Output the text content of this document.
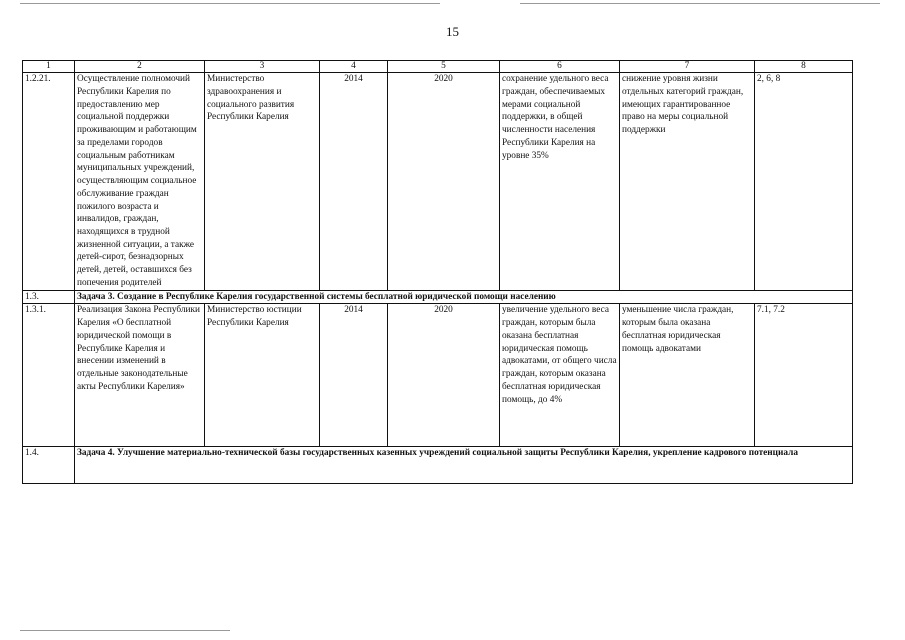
15
1	2	3	4	5	6	7	8
1.2.21.	Осуществление полномочий Республики Карелия по предоставлению мер социальной поддержки проживающим и работающим за пределами городов социальным работникам муниципальных учреждений, осуществляющим социальное обслуживание граждан пожилого возраста и инвалидов, граждан, находящихся в трудной жизненной ситуации, а также детей-сирот, безнадзорных детей, детей, оставшихся без попечения родителей	Министерство здравоохранения и социального развития Республики Карелия	2014	2020	сохранение удельного веса граждан, обеспечиваемых мерами социальной поддержки, в общей численности населения Республики Карелия на уровне 35%	снижение уровня жизни отдельных категорий граждан, имеющих гарантированное право на меры социальной поддержки	2, 6, 8
1.3.	Задача 3. Создание в Республике Карелия государственной системы бесплатной юридической помощи населению						
1.3.1.	Реализация Закона Республики Карелия «О бесплатной юридической помощи в Республике Карелия и внесении изменений в отдельные законодательные акты Республики Карелия»	Министерство юстиции Республики Карелия	2014	2020	увеличение удельного веса граждан, которым была оказана бесплатная юридическая помощь адвокатами, от общего числа граждан, которым оказана бесплатная юридическая помощь, до 4%	уменьшение числа граждан, которым была оказана бесплатная юридическая помощь адвокатами	7.1, 7.2
1.4.	Задача 4. Улучшение материально-технической базы государственных казенных учреждений социальной защиты Республики Карелия, укрепление кадрового потенциала						
